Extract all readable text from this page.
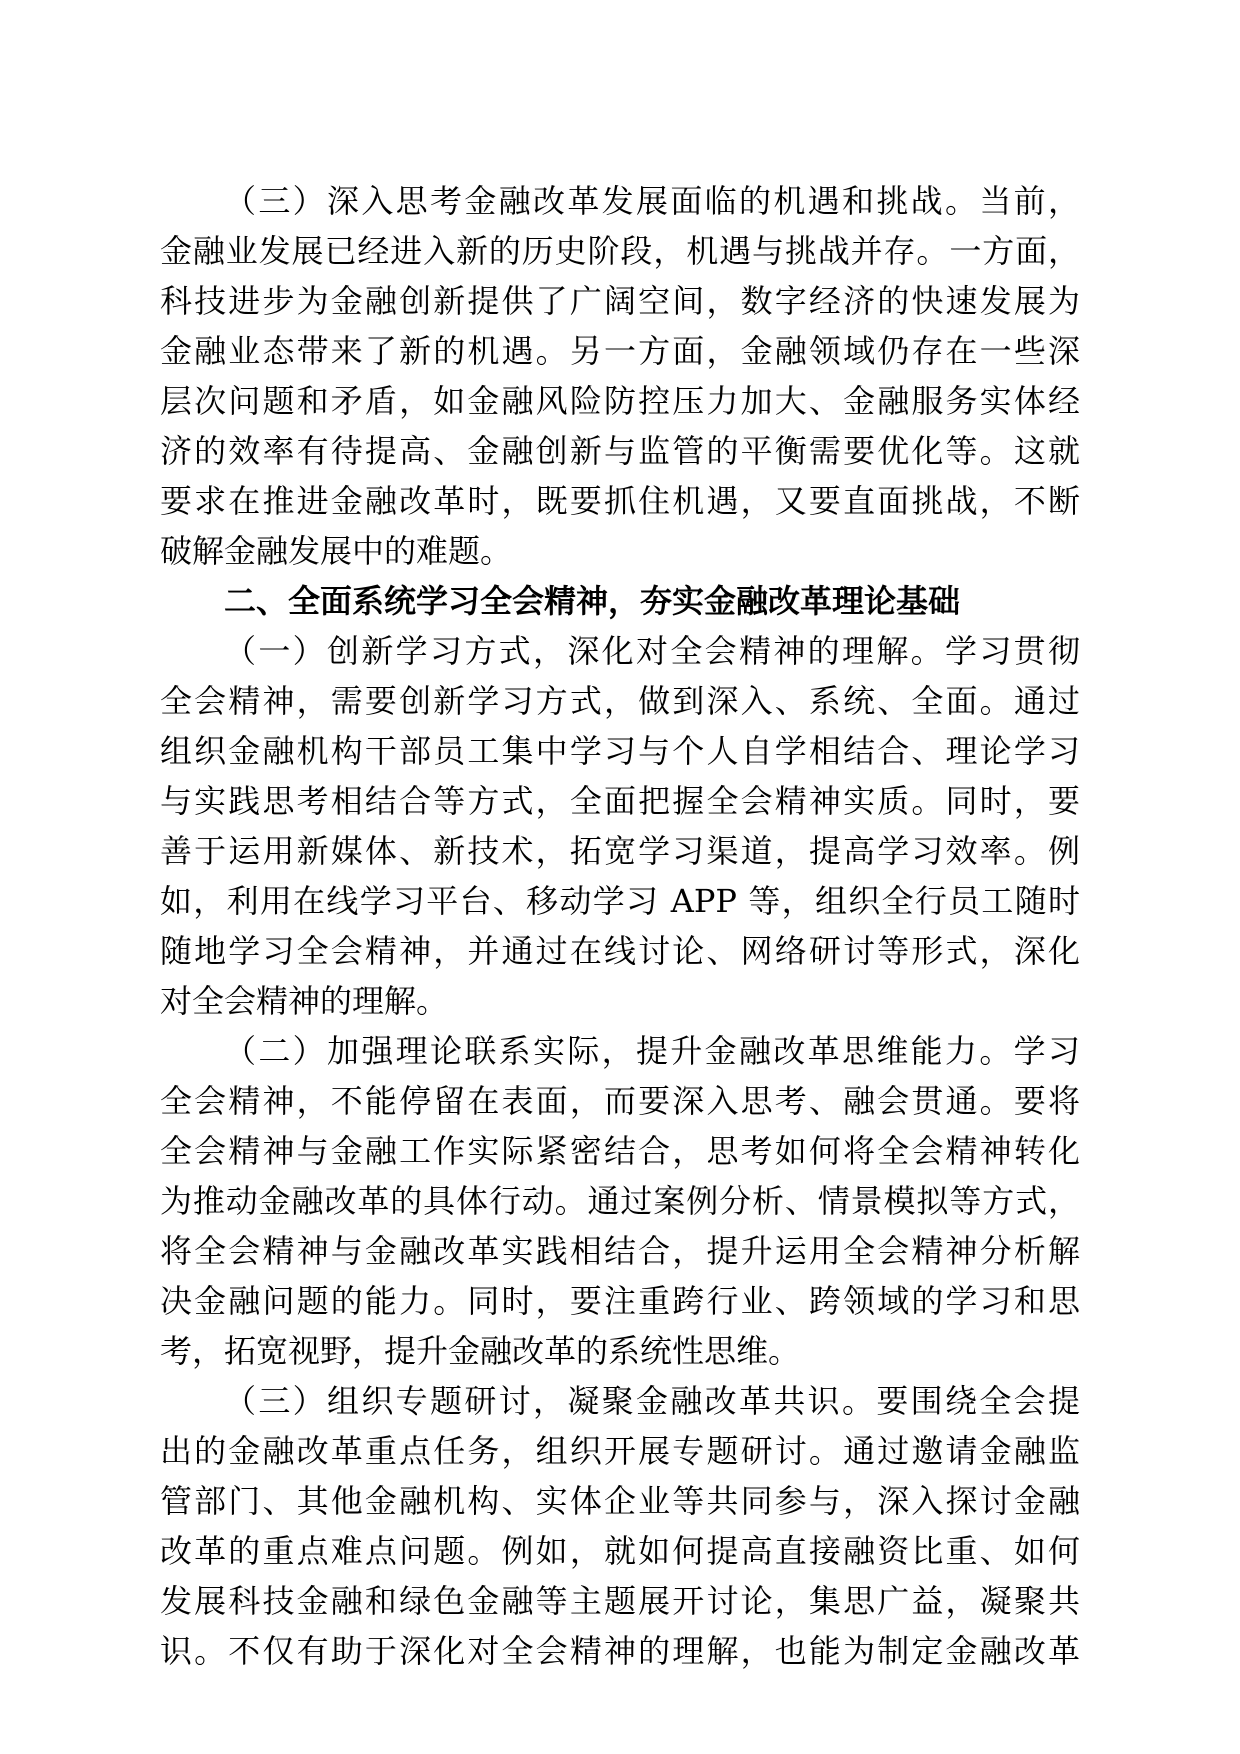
（三）深入思考金融改革发展面临的机遇和挑战。当前，
金融业发展已经进入新的历史阶段，机遇与挑战并存。一方面，
科技进步为金融创新提供了广阔空间，数字经济的快速发展为
金融业态带来了新的机遇。另一方面，金融领域仍存在一些深
层次问题和矛盾，如金融风险防控压力加大、金融服务实体经
济的效率有待提高、金融创新与监管的平衡需要优化等。这就
要求在推进金融改革时，既要抓住机遇，又要直面挑战，不断
破解金融发展中的难题。
二、全面系统学习全会精神，夯实金融改革理论基础
（一）创新学习方式，深化对全会精神的理解。学习贯彻
全会精神，需要创新学习方式，做到深入、系统、全面。通过
组织金融机构干部员工集中学习与个人自学相结合、理论学习
与实践思考相结合等方式，全面把握全会精神实质。同时，要
善于运用新媒体、新技术，拓宽学习渠道，提高学习效率。例
如，利用在线学习平台、移动学习 APP 等，组织全行员工随时
随地学习全会精神，并通过在线讨论、网络研讨等形式，深化
对全会精神的理解。
（二）加强理论联系实际，提升金融改革思维能力。学习
全会精神，不能停留在表面，而要深入思考、融会贯通。要将
全会精神与金融工作实际紧密结合，思考如何将全会精神转化
为推动金融改革的具体行动。通过案例分析、情景模拟等方式，
将全会精神与金融改革实践相结合，提升运用全会精神分析解
决金融问题的能力。同时，要注重跨行业、跨领域的学习和思
考，拓宽视野，提升金融改革的系统性思维。
（三）组织专题研讨，凝聚金融改革共识。要围绕全会提
出的金融改革重点任务，组织开展专题研讨。通过邀请金融监
管部门、其他金融机构、实体企业等共同参与，深入探讨金融
改革的重点难点问题。例如，就如何提高直接融资比重、如何
发展科技金融和绿色金融等主题展开讨论，集思广益，凝聚共
识。不仅有助于深化对全会精神的理解，也能为制定金融改革
